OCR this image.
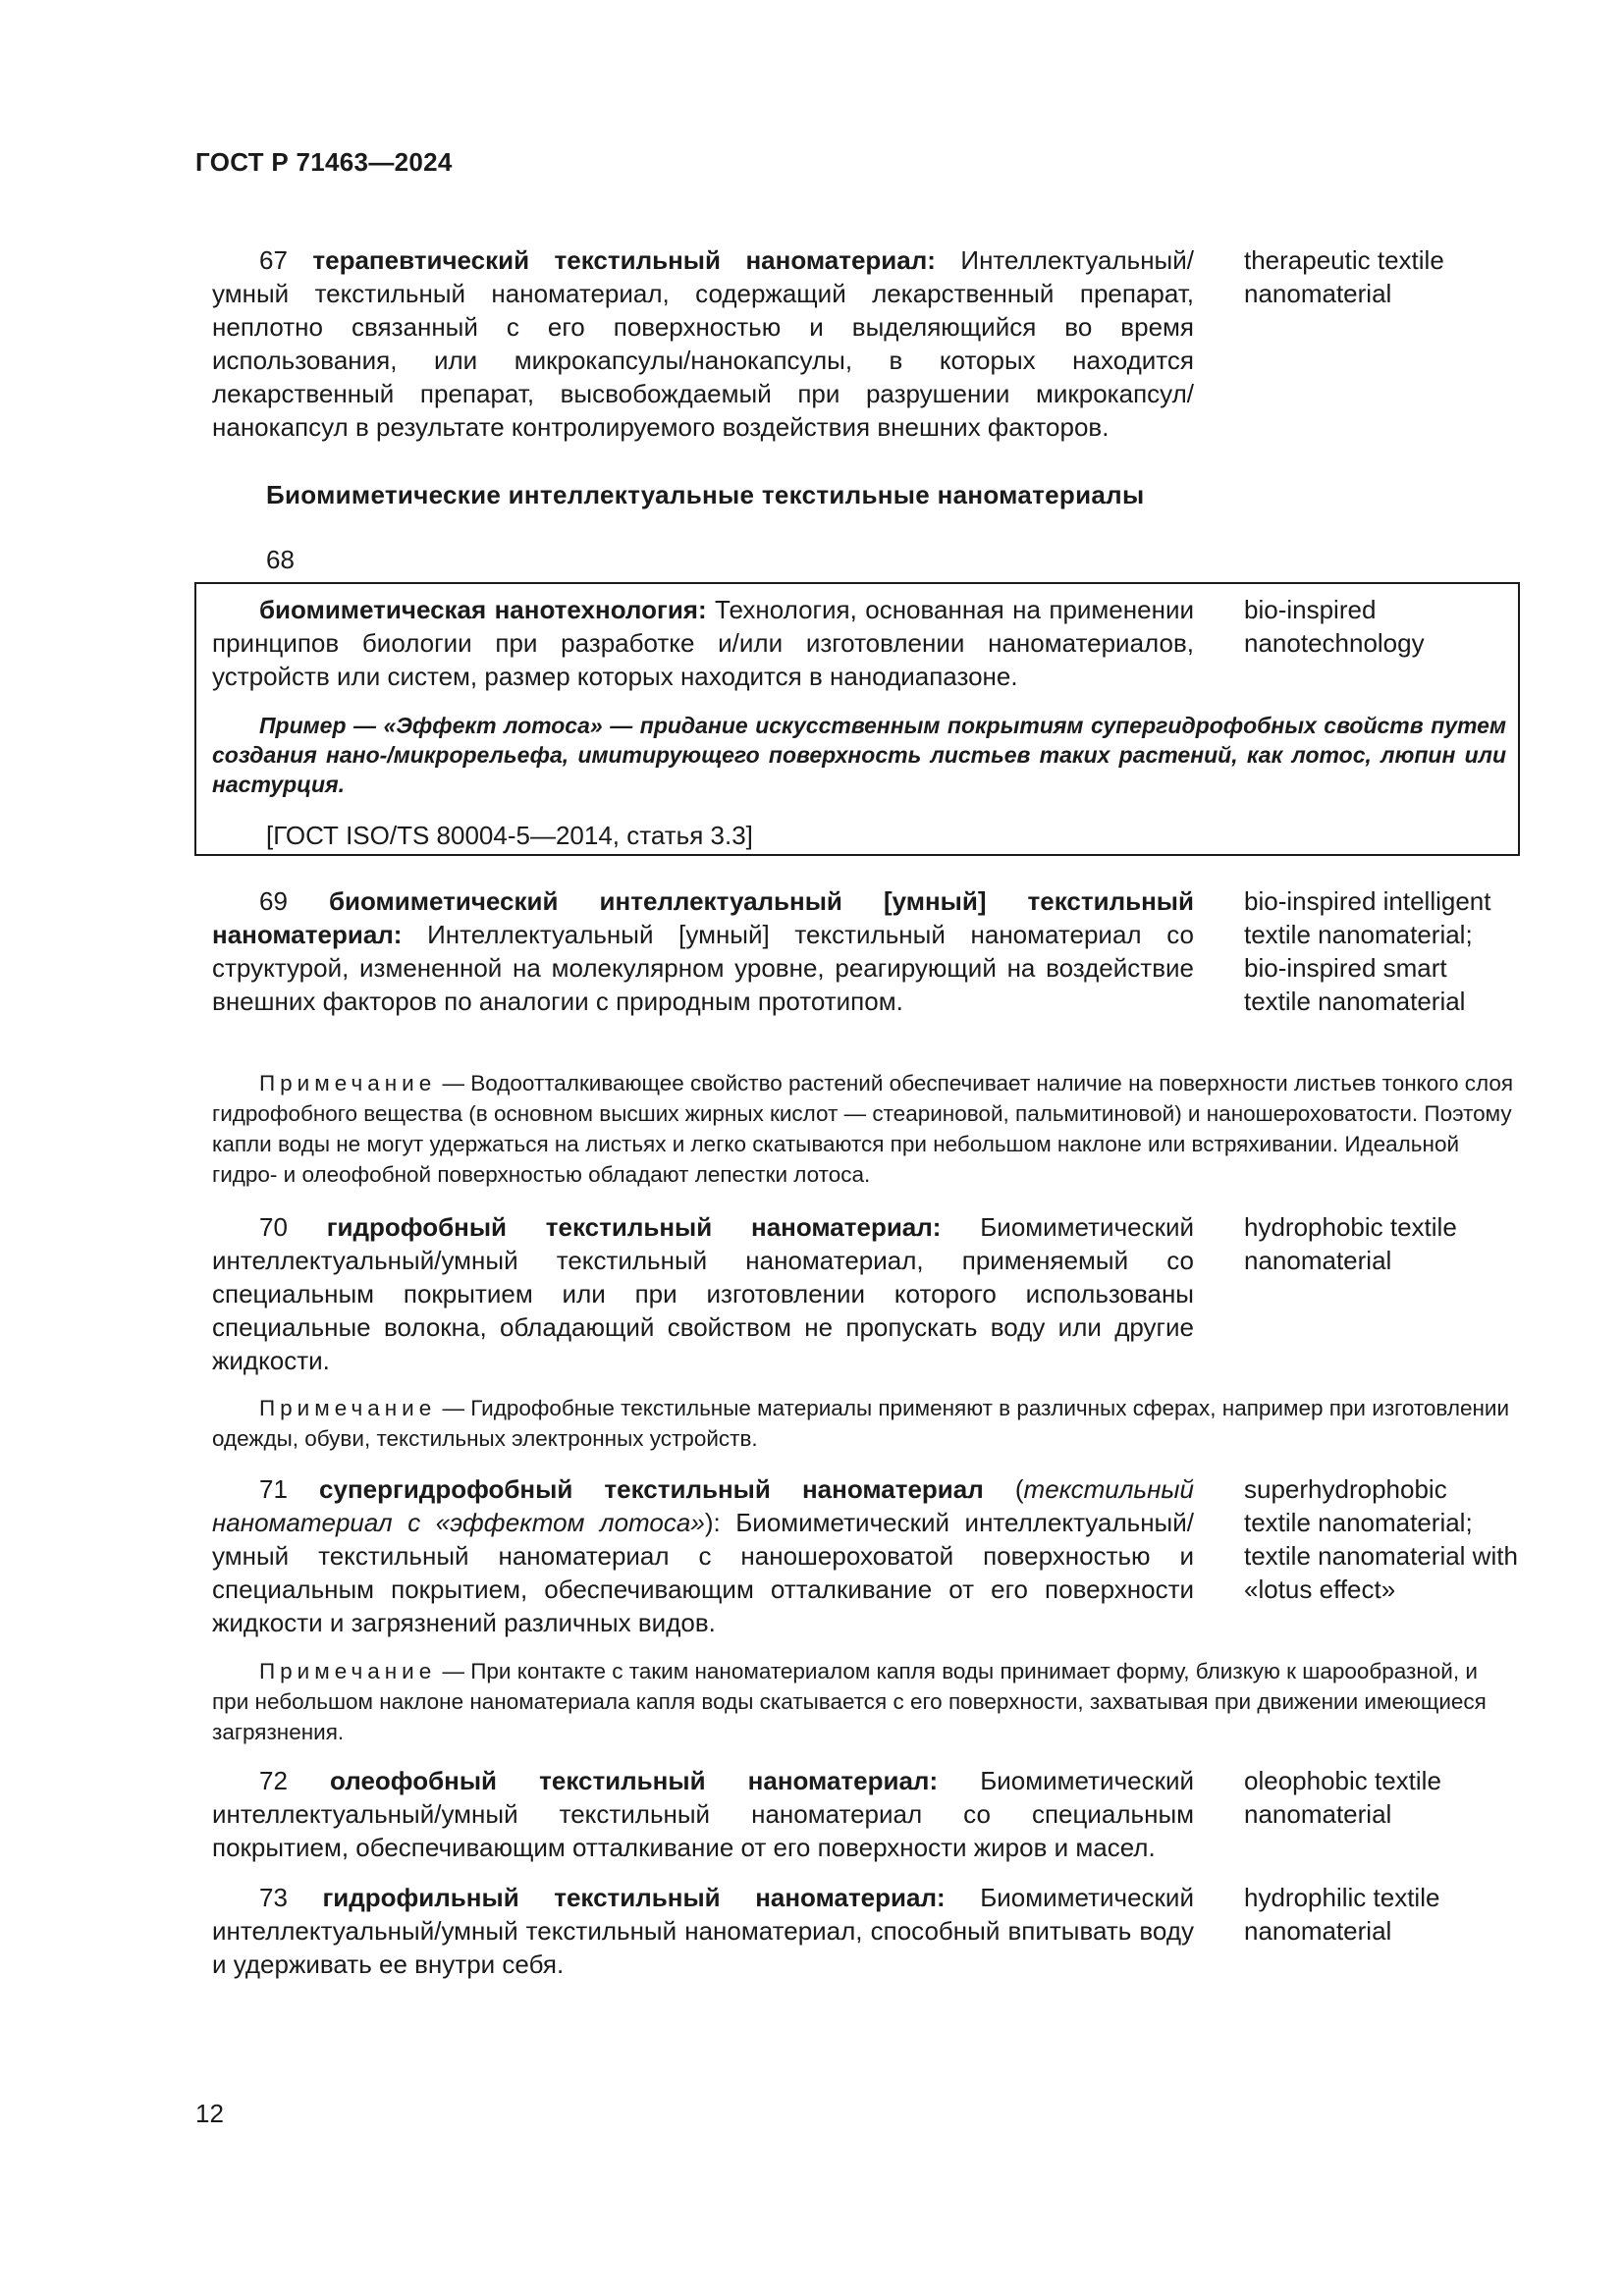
ГОСТ Р 71463—2024
67 терапевтический текстильный наноматериал: Интеллектуальный/ умный текстильный наноматериал, содержащий лекарственный препарат, неплотно связанный с его поверхностью и выделяющийся во время использования, или микрокапсулы/нанокапсулы, в которых находится лекарственный препарат, высвобождаемый при разрушении микрокапсул/нанокапсул в результате контролируемого воздействия внешних факторов.
therapeutic textile nanomaterial
Биомиметические интеллектуальные текстильные наноматериалы
68
биомиметическая нанотехнология: Технология, основанная на применении принципов биологии при разработке и/или изготовлении наноматериалов, устройств или систем, размер которых находится в нанодиапазоне.
bio-inspired nanotechnology
Пример — «Эффект лотоса» — придание искусственным покрытиям супергидрофобных свойств путем создания нано-/микрорельефа, имитирующего поверхность листьев таких растений, как лотос, люпин или настурция.
[ГОСТ ISO/TS 80004-5—2014, статья 3.3]
69 биомиметический интеллектуальный [умный] текстильный наноматериал: Интеллектуальный [умный] текстильный наноматериал со структурой, измененной на молекулярном уровне, реагирующий на воздействие внешних факторов по аналогии с природным прототипом.
bio-inspired intelligent textile nanomaterial;
bio-inspired smart textile nanomaterial
Примечание — Водоотталкивающее свойство растений обеспечивает наличие на поверхности листьев тонкого слоя гидрофобного вещества (в основном высших жирных кислот — стеариновой, пальмитиновой) и наношероховатости. Поэтому капли воды не могут удержаться на листьях и легко скатываются при небольшом наклоне или встряхивании. Идеальной гидро- и олеофобной поверхностью обладают лепестки лотоса.
70 гидрофобный текстильный наноматериал: Биомиметический интеллектуальный/умный текстильный наноматериал, применяемый со специальным покрытием или при изготовлении которого использованы специальные волокна, обладающий свойством не пропускать воду или другие жидкости.
hydrophobic textile nanomaterial
Примечание — Гидрофобные текстильные материалы применяют в различных сферах, например при изготовлении одежды, обуви, текстильных электронных устройств.
71 супергидрофобный текстильный наноматериал (текстильный наноматериал с «эффектом лотоса»): Биомиметический интеллектуальный/умный текстильный наноматериал с наношероховатой поверхностью и специальным покрытием, обеспечивающим отталкивание от его поверхности жидкости и загрязнений различных видов.
superhydrophobic textile nanomaterial;
textile nanomaterial with «lotus effect»
Примечание — При контакте с таким наноматериалом капля воды принимает форму, близкую к шарообразной, и при небольшом наклоне наноматериала капля воды скатывается с его поверхности, захватывая при движении имеющиеся загрязнения.
72 олеофобный текстильный наноматериал: Биомиметический интеллектуальный/умный текстильный наноматериал со специальным покрытием, обеспечивающим отталкивание от его поверхности жиров и масел.
oleophobic textile nanomaterial
73 гидрофильный текстильный наноматериал: Биомиметический интеллектуальный/умный текстильный наноматериал, способный впитывать воду и удерживать ее внутри себя.
hydrophilic textile nanomaterial
12
